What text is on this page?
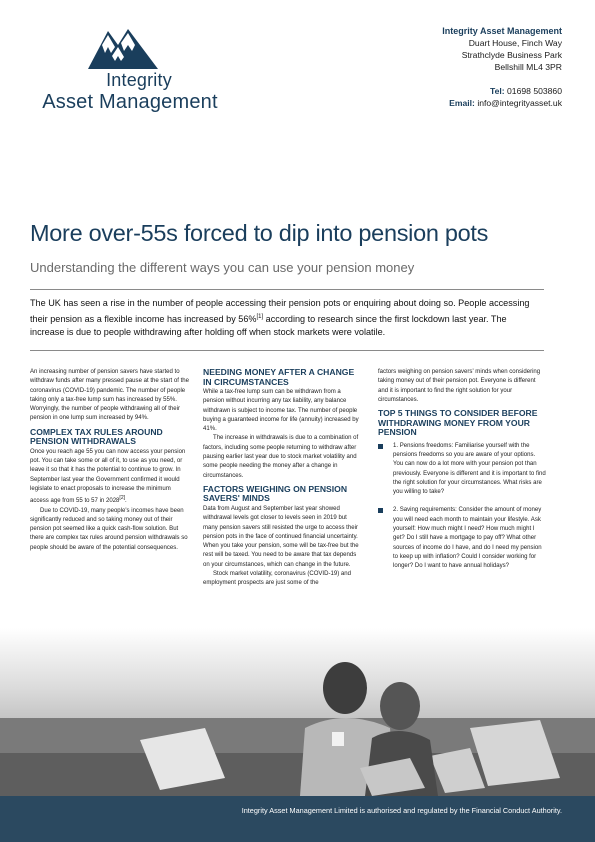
Integrity
Asset Management
Integrity Asset Management
Duart House, Finch Way
Strathclyde Business Park
Bellshill ML4 3PR
Tel: 01698 503860
Email: info@integrityasset.uk
More over-55s forced to dip into pension pots
Understanding the different ways you can use your pension money
The UK has seen a rise in the number of people accessing their pension pots or enquiring about doing so. People accessing their pension as a flexible income has increased by 56%[1] according to research since the first lockdown last year. The increase is due to people withdrawing after holding off when stock markets were volatile.

An increasing number of pension savers have started to withdraw funds after many pressed pause at the start of the coronavirus (COVID-19) pandemic. The number of people taking only a tax-free lump sum has increased by 55%. Worryingly, the number of people withdrawing all of their pension in one lump sum increased by 94%.

COMPLEX TAX RULES AROUND PENSION WITHDRAWALS

Once you reach age 55 you can now access your pension pot. You can take some or all of it, to use as you need, or leave it so that it has the potential to continue to grow. In September last year the Government confirmed it would legislate to enact proposals to increase the minimum access age from 55 to 57 in 2028[2].

Due to COVID-19, many people's incomes have been significantly reduced and so taking money out of their pension pot seemed like a quick cash-flow solution. But there are complex tax rules around pension withdrawals so people should be aware of the potential consequences.

NEEDING MONEY AFTER A CHANGE IN CIRCUMSTANCES

While a tax-free lump sum can be withdrawn from a pension without incurring any tax liability, any balance withdrawn is subject to income tax. The number of people buying a guaranteed income for life (annuity) increased by 41%.

The increase in withdrawals is due to a combination of factors, including some people returning to withdraw after pausing earlier last year due to stock market volatility and some people needing the money after a change in circumstances.

FACTORS WEIGHING ON PENSION SAVERS' MINDS

Data from August and September last year showed withdrawal levels got closer to levels seen in 2019 but many pension savers still resisted the urge to access their pension pots in the face of continued financial uncertainty. When you take your pension, some will be tax-free but the rest will be taxed. You need to be aware that tax depends on your circumstances, which can change in the future.

Stock market volatility, coronavirus (COVID-19) and employment prospects are just some of the

factors weighing on pension savers' minds when considering taking money out of their pension pot. Everyone is different and it is important to find the right solution for your circumstances.

TOP 5 THINGS TO CONSIDER BEFORE WITHDRAWING MONEY FROM YOUR PENSION
1. Pensions freedoms: Familiarise yourself with the pensions freedoms so you are aware of your options. You can now do a lot more with your pension pot than previously. Everyone is different and it is important to find the right solution for your circumstances. What risks are you willing to take?
2. Saving requirements: Consider the amount of money you will need each month to maintain your lifestyle. Ask yourself: How much might I need? How much might I get? Do I still have a mortgage to pay off? What other sources of income do I have, and do I need my pension to keep up with inflation? Could I consider working for longer? Do I want to have annual holidays?
Integrity Asset Management Limited is authorised and regulated by the Financial Conduct Authority.
